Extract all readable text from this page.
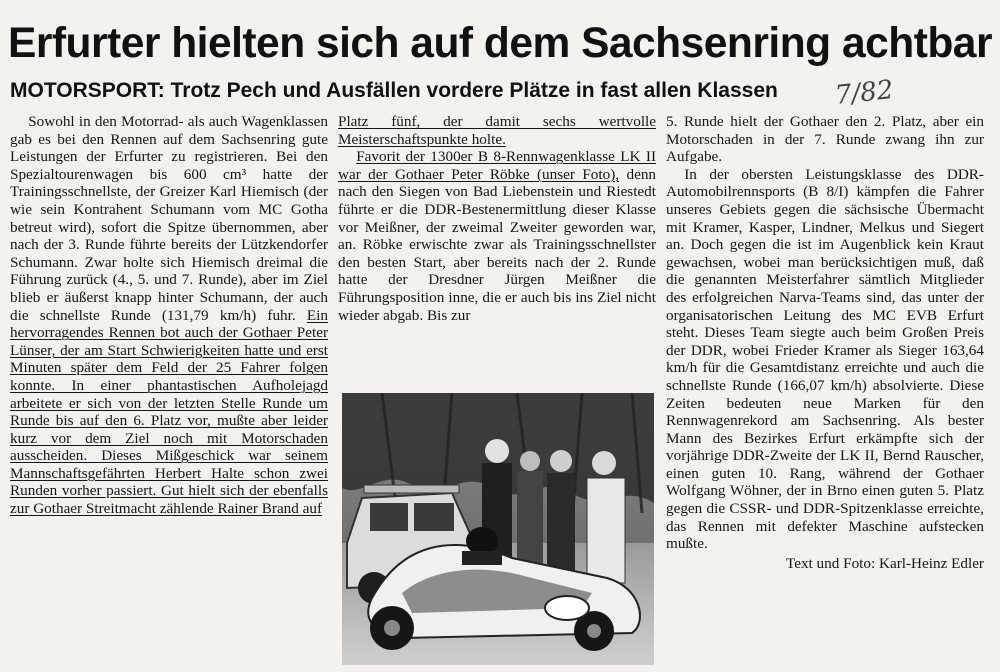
Erfurter hielten sich auf dem Sachsenring achtbar
MOTORSPORT: Trotz Pech und Ausfällen vordere Plätze in fast allen Klassen	7/82

Sowohl in den Motorrad- als auch Wagenklassen gab es bei den Rennen auf dem Sachsenring gute Leistungen der Erfurter zu registrieren. Bei den Spezialtourenwagen bis 600 cm³ hatte der Trainingsschnellste, der Greizer Karl Hiemisch (der wie sein Kontrahent Schumann vom MC Gotha betreut wird), sofort die Spitze übernommen, aber nach der 3. Runde führte bereits der Lützkendorfer Schumann. Zwar holte sich Hiemisch dreimal die Führung zurück (4., 5. und 7. Runde), aber im Ziel blieb er äußerst knapp hinter Schumann, der auch die schnellste Runde (131,79 km/h) fuhr. Ein hervorragendes Rennen bot auch der Gothaer Peter Lünser, der am Start Schwierigkeiten hatte und erst Minuten später dem Feld der 25 Fahrer folgen konnte. In einer phantastischen Aufholejagd arbeitete er sich von der letzten Stelle Runde um Runde bis auf den 6. Platz vor, mußte aber leider kurz vor dem Ziel noch mit Motorschaden ausscheiden. Dieses Mißgeschick war seinem Mannschaftsgefährten Herbert Halte schon zwei Runden vorher passiert. Gut hielt sich der ebenfalls zur Gothaer Streitmacht zählende Rainer Brand auf

Platz fünf, der damit sechs wertvolle Meisterschaftspunkte holte.

Favorit der 1300er B 8-Rennwagenklasse LK II war der Gothaer Peter Röbke (unser Foto), denn nach den Siegen von Bad Liebenstein und Riestedt führte er die DDR-Bestenermittlung dieser Klasse vor Meißner, der zweimal Zweiter geworden war, an. Röbke erwischte zwar als Trainingsschnellster den besten Start, aber bereits nach der 2. Runde hatte der Dresdner Jürgen Meißner die Führungsposition inne, die er auch bis ins Ziel nicht wieder abgab. Bis zur

5. Runde hielt der Gothaer den 2. Platz, aber ein Motorschaden in der 7. Runde zwang ihn zur Aufgabe.

In der obersten Leistungsklasse des DDR-Automobilrennsports (B 8/I) kämpfen die Fahrer unseres Gebiets gegen die sächsische Übermacht mit Kramer, Kasper, Lindner, Melkus und Siegert an. Doch gegen die ist im Augenblick kein Kraut gewachsen, wobei man berücksichtigen muß, daß die genannten Meisterfahrer sämtlich Mitglieder des erfolgreichen Narva-Teams sind, das unter der organisatorischen Leitung des MC EVB Erfurt steht. Dieses Team siegte auch beim Großen Preis der DDR, wobei Frieder Kramer als Sieger 163,64 km/h für die Gesamtdistanz erreichte und auch die schnellste Runde (166,07 km/h) absolvierte. Diese Zeiten bedeuten neue Marken für den Rennwagenrekord am Sachsenring. Als bester Mann des Bezirkes Erfurt erkämpfte sich der vorjährige DDR-Zweite der LK II, Bernd Rauscher, einen guten 10. Rang, während der Gothaer Wolfgang Wöhner, der in Brno einen guten 5. Platz gegen die CSSR- und DDR-Spitzenklasse erreichte, das Rennen mit defekter Maschine aufstecken mußte.

Text und Foto: Karl-Heinz Edler
